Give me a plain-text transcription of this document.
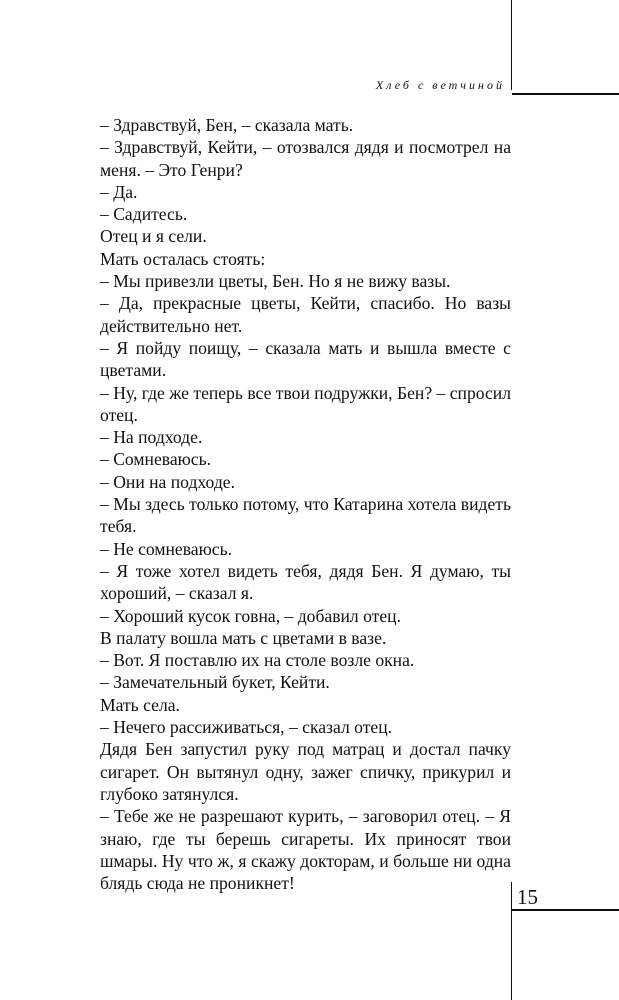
Хлеб с ветчиной

– Здравствуй, Бен, – сказала мать.

– Здравствуй, Кейти, – отозвался дядя и посмотрел на меня. – Это Генри?

– Да.

– Садитесь.

Отец и я сели.

Мать осталась стоять:

– Мы привезли цветы, Бен. Но я не вижу вазы.

– Да, прекрасные цветы, Кейти, спасибо. Но вазы действительно нет.

– Я пойду поищу, – сказала мать и вышла вместе с цветами.

– Ну, где же теперь все твои подружки, Бен? – спросил отец.

– На подходе.

– Сомневаюсь.

– Они на подходе.

– Мы здесь только потому, что Катарина хотела видеть тебя.

– Не сомневаюсь.

– Я тоже хотел видеть тебя, дядя Бен. Я думаю, ты хороший, – сказал я.

– Хороший кусок говна, – добавил отец.

В палату вошла мать с цветами в вазе.

– Вот. Я поставлю их на столе возле окна.

– Замечательный букет, Кейти.

Мать села.

– Нечего рассиживаться, – сказал отец.

Дядя Бен запустил руку под матрац и достал пачку сигарет. Он вытянул одну, зажег спичку, прикурил и глубоко затянулся.

– Тебе же не разрешают курить, – заговорил отец. – Я знаю, где ты берешь сигареты. Их приносят твои шмары. Ну что ж, я скажу докторам, и больше ни одна блядь сюда не проникнет!

15
